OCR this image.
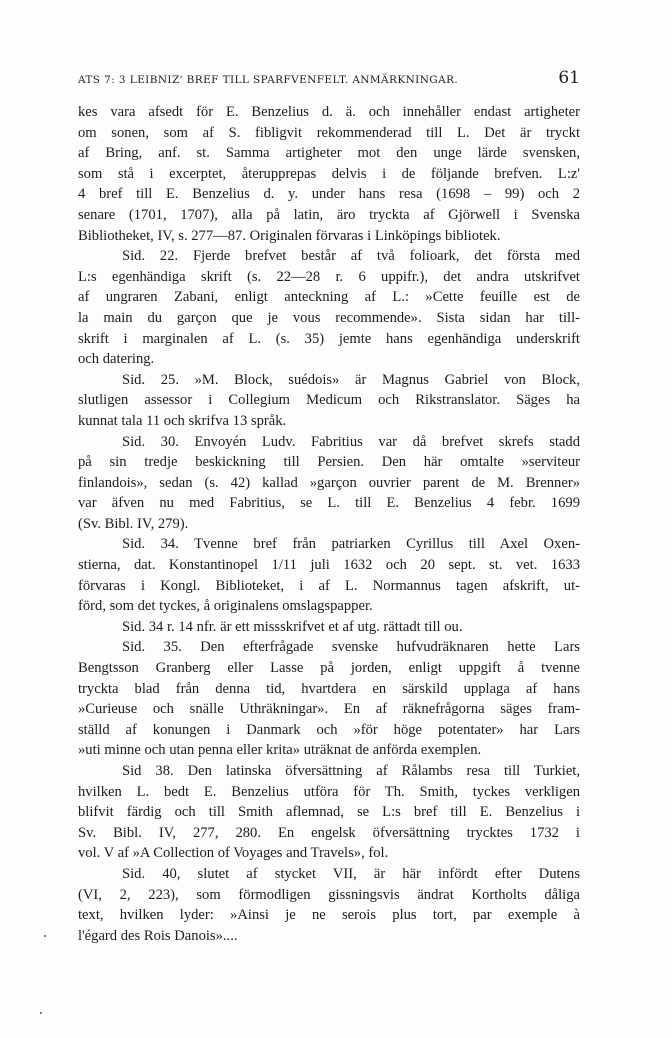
ATS 7: 3 LEIBNIZ' BREF TILL SPARFVENFELT. ANMÄRKNINGAR.	61

kes vara afsedt för E. Benzelius d. ä. och innehåller endast artigheter
om sonen, som af S. fibligvit rekommenderad till L. Det är tryckt
af Bring, anf. st. Samma artigheter mot den unge lärde svensken,
som stå i excerptet, återupprepas delvis i de följande brefven. L:z'
4 bref till E. Benzelius d. y. under hans resa (1698 – 99) och 2
senare (1701, 1707), alla på latin, äro tryckta af Gjörwell i Svenska
Bibliotheket, IV, s. 277—87. Originalen förvaras i Linköpings bibliotek.

Sid. 22. Fjerde brefvet består af två folioark, det första med
L:s egenhändiga skrift (s. 22—28 r. 6 uppifr.), det andra utskrifvet
af ungraren Zabani, enligt anteckning af L.: »Cette feuille est de
la main du garçon que je vous recommende». Sista sidan har till-
skrift i marginalen af L. (s. 35) jemte hans egenhändiga underskrift
och datering.

Sid. 25. »M. Block, suédois» är Magnus Gabriel von Block,
slutligen assessor i Collegium Medicum och Rikstranslator. Säges ha
kunnat tala 11 och skrifva 13 språk.

Sid. 30. Envoyén Ludv. Fabritius var då brefvet skrefs stadd
på sin tredje beskickning till Persien. Den här omtalte »serviteur
finlandois», sedan (s. 42) kallad »garçon ouvrier parent de M. Brenner»
var äfven nu med Fabritius, se L. till E. Benzelius 4 febr. 1699
(Sv. Bibl. IV, 279).

Sid. 34. Tvenne bref från patriarken Cyrillus till Axel Oxen-
stierna, dat. Konstantinopel 1/11 juli 1632 och 20 sept. st. vet. 1633
förvaras i Kongl. Biblioteket, i af L. Normannus tagen afskrift, ut-
förd, som det tyckes, å originalens omslagspapper.

Sid. 34 r. 14 nfr. är ett missskrifvet et af utg. rättadt till ou.

Sid. 35. Den efterfrågade svenske hufvudräknaren hette Lars
Bengtsson Granberg eller Lasse på jorden, enligt uppgift å tvenne
tryckta blad från denna tid, hvartdera en särskild upplaga af hans
»Curieuse och snälle Uthräkningar». En af räknefrågorna säges fram-
ställd af konungen i Danmark och »för höge potentater» har Lars
»uti minne och utan penna eller krita» uträknat de anförda exemplen.

Sid 38. Den latinska öfversättning af Rålambs resa till Turkiet,
hvilken L. bedt E. Benzelius utföra för Th. Smith, tyckes verkligen
blifvit färdig och till Smith aflemnad, se L:s bref till E. Benzelius i
Sv. Bibl. IV, 277, 280. En engelsk öfversättning trycktes 1732 i
vol. V af »A Collection of Voyages and Travels», fol.

Sid. 40, slutet af stycket VII, är här infördt efter Dutens
(VI, 2, 223), som förmodligen gissningsvis ändrat Kortholts dåliga
text, hvilken lyder: »Ainsi je ne serois plus tort, par exemple à
l'égard des Rois Danois»....
